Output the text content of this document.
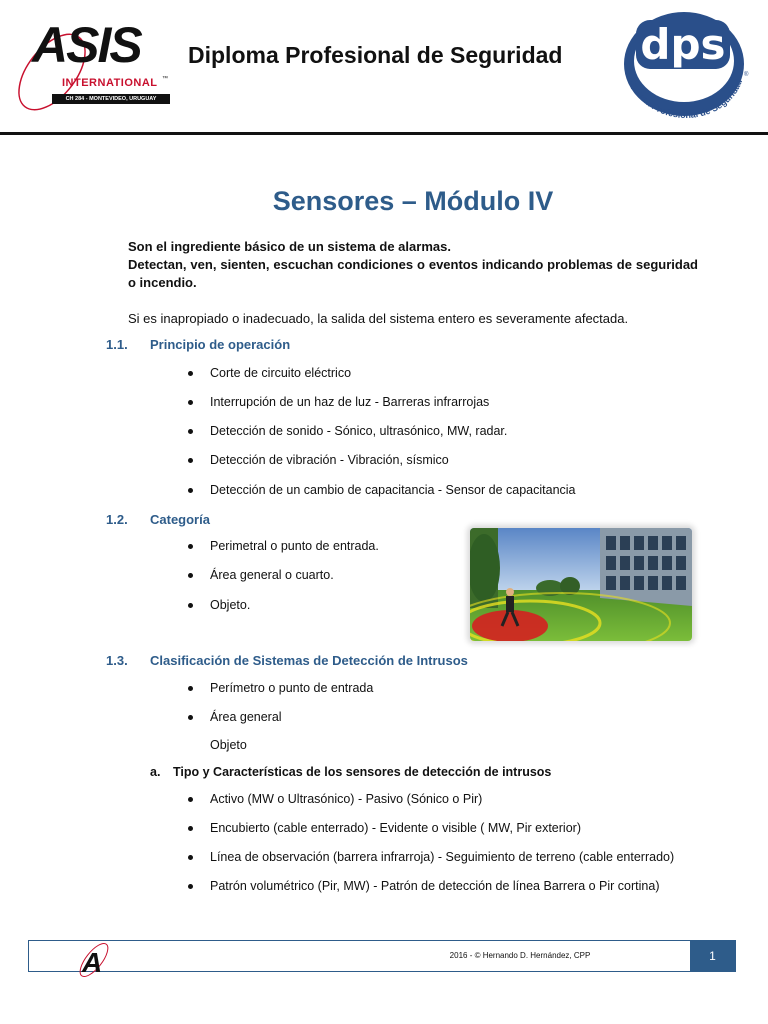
ASIS
INTERNATIONAL ™
CH 284 - MONTEVIDEO, URUGUAY
Diploma Profesional de Seguridad dps
Diploma Profesional de Seguridad
®
Sensores – Módulo IV
Son el ingrediente básico de un sistema de alarmas.
Detectan, ven, sienten, escuchan condiciones o eventos indicando problemas de seguridad o incendio.
Si es inapropiado o inadecuado, la salida del sistema entero es severamente afectada.
1.1. Principio de operación
Corte de circuito eléctrico
Interrupción de un haz de luz - Barreras infrarrojas
Detección de sonido - Sónico, ultrasónico, MW, radar.
Detección de vibración - Vibración, sísmico
Detección de un cambio de capacitancia - Sensor de capacitancia
1.2. Categoría
Perimetral o punto de entrada.
Área general o cuarto.
Objeto.
1.3. Clasificación de Sistemas de Detección de Intrusos
Perímetro o punto de entrada
Área general
Objeto
a. Tipo y Características de los sensores de detección de intrusos
Activo (MW o Ultrasónico) - Pasivo (Sónico o Pir)
Encubierto (cable enterrado) - Evidente o visible ( MW, Pir exterior)
Línea de observación (barrera infrarroja) - Seguimiento de terreno (cable enterrado)
Patrón volumétrico (Pir, MW) - Patrón de detección de línea Barrera o Pir cortina)
A	2016 - © Hernando D. Hernández, CPP	1
